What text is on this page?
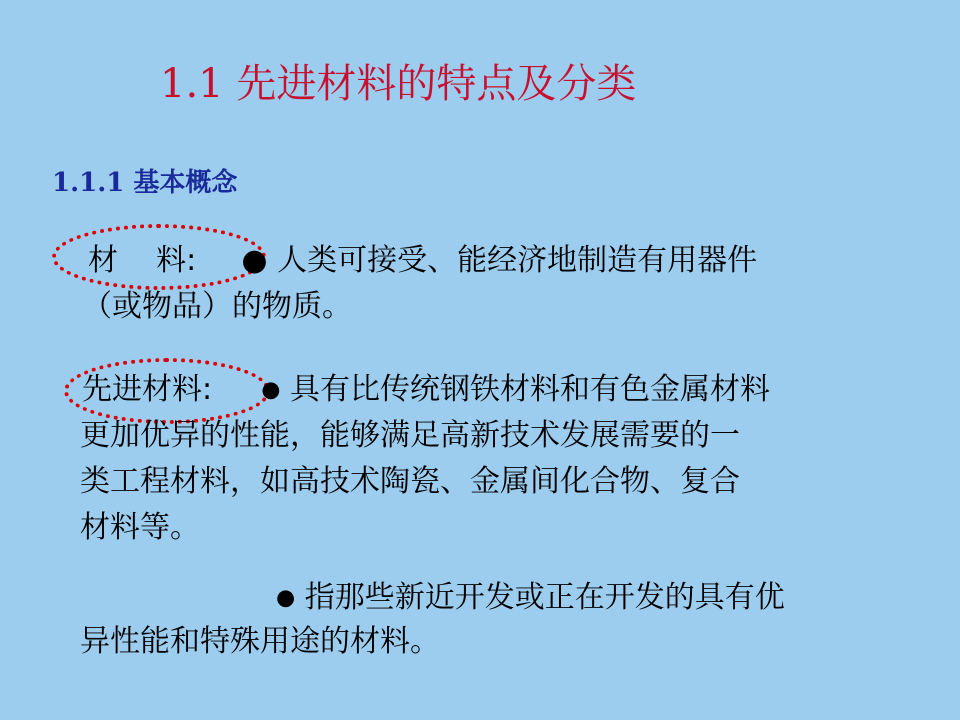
1.1 先进材料的特点及分类
1.1.1 基本概念
材    料: ● 人类可接受、能经济地制造有用器件
（或物品）的物质。
先进材料: ● 具有比传统钢铁材料和有色金属材料
更加优异的性能，能够满足高新技术发展需要的一
类工程材料，如高技术陶瓷、金属间化合物、复合
材料等。
● 指那些新近开发或正在开发的具有优
异性能和特殊用途的材料。
